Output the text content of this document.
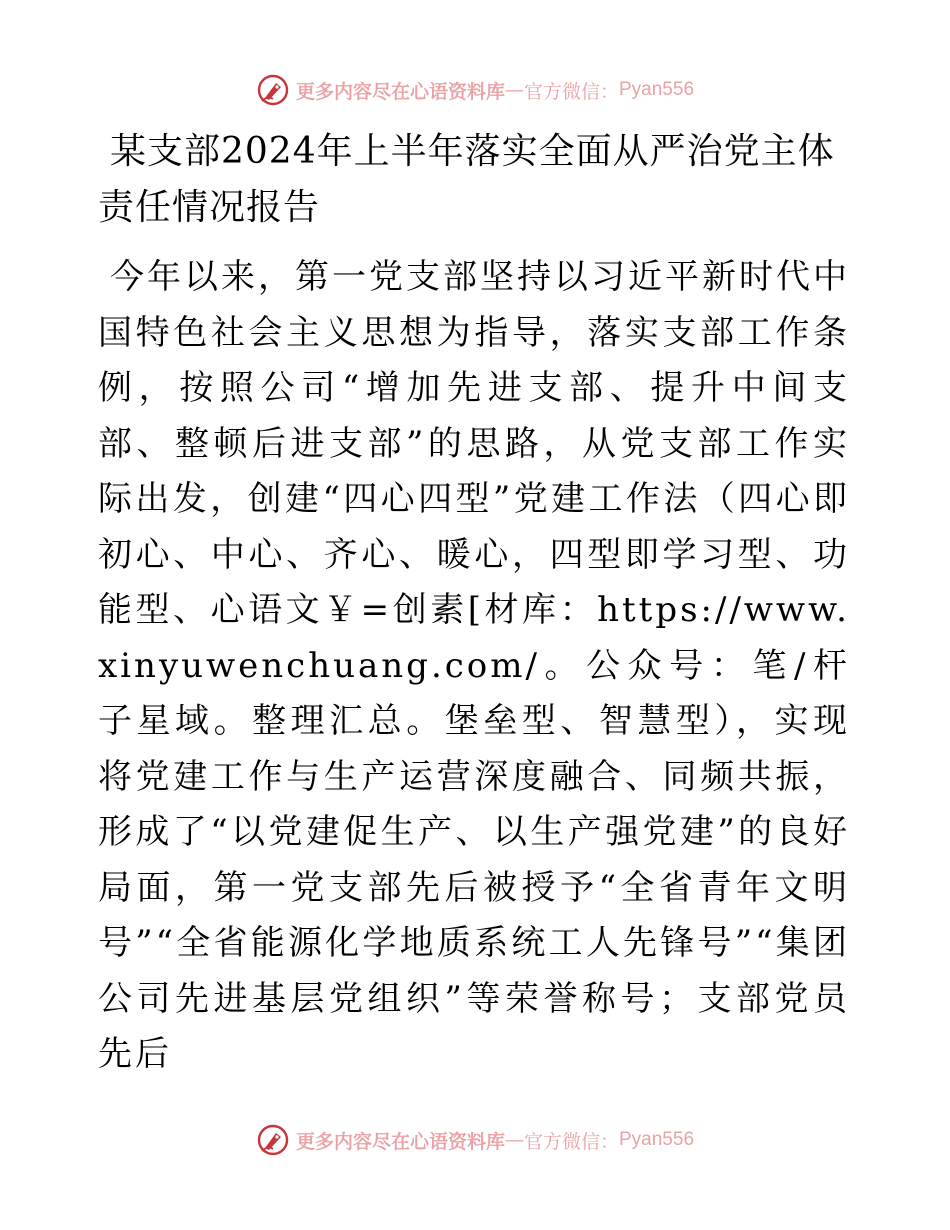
更多内容尽在心语资料库 — 官方微信： Pyan556
某支部2024年上半年落实全面从严治党主体责任情况报告

今年以来，第一党支部坚持以习近平新时代中国特色社会主义思想为指导，落实支部工作条例，按照公司“增加先进支部、提升中间支部、整顿后进支部”的思路，从党支部工作实际出发，创建“四心四型”党建工作法（四心即初心、中心、齐心、暖心，四型即学习型、功能型、心语文￥=创素[材库：https://www.xinyuwenchuang.com/。公众号：笔/杆子星域。整理汇总。堡垒型、智慧型），实现将党建工作与生产运营深度融合、同频共振，形成了“以党建促生产、以生产强党建”的良好局面，第一党支部先后被授予“全省青年文明号”“全省能源化学地质系统工人先锋号”“集团公司先进基层党组织”等荣誉称号；支部党员先后

更多内容尽在心语资料库 — 官方微信： Pyan556
